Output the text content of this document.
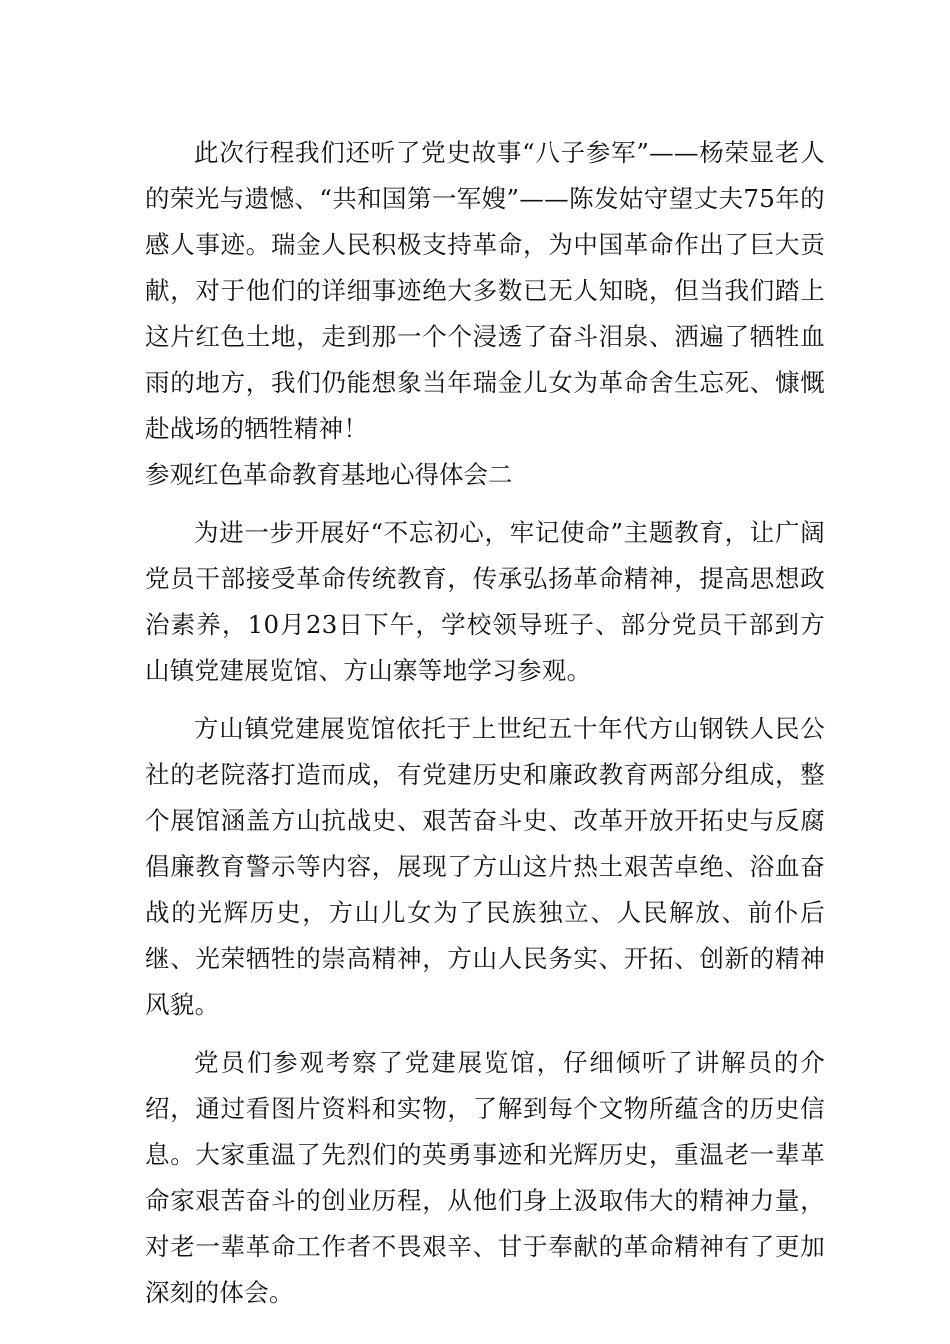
此次行程我们还听了党史故事“八子参军”——杨荣显老人的荣光与遗憾、“共和国第一军嫂”——陈发姑守望丈夫75年的感人事迹。瑞金人民积极支持革命，为中国革命作出了巨大贡献，对于他们的详细事迹绝大多数已无人知晓，但当我们踏上这片红色土地，走到那一个个浸透了奋斗泪泉、洒遍了牺牲血雨的地方，我们仍能想象当年瑞金儿女为革命舍生忘死、慷慨赴战场的牺牲精神！

参观红色革命教育基地心得体会二

为进一步开展好“不忘初心，牢记使命”主题教育，让广阔党员干部接受革命传统教育，传承弘扬革命精神，提高思想政治素养，10月23日下午，学校领导班子、部分党员干部到方山镇党建展览馆、方山寨等地学习参观。

方山镇党建展览馆依托于上世纪五十年代方山钢铁人民公社的老院落打造而成，有党建历史和廉政教育两部分组成，整个展馆涵盖方山抗战史、艰苦奋斗史、改革开放开拓史与反腐倡廉教育警示等内容，展现了方山这片热土艰苦卓绝、浴血奋战的光辉历史，方山儿女为了民族独立、人民解放、前仆后继、光荣牺牲的崇高精神，方山人民务实、开拓、创新的精神风貌。

党员们参观考察了党建展览馆，仔细倾听了讲解员的介绍，通过看图片资料和实物，了解到每个文物所蕴含的历史信息。大家重温了先烈们的英勇事迹和光辉历史，重温老一辈革命家艰苦奋斗的创业历程，从他们身上汲取伟大的精神力量，对老一辈革命工作者不畏艰辛、甘于奉献的革命精神有了更加深刻的体会。
